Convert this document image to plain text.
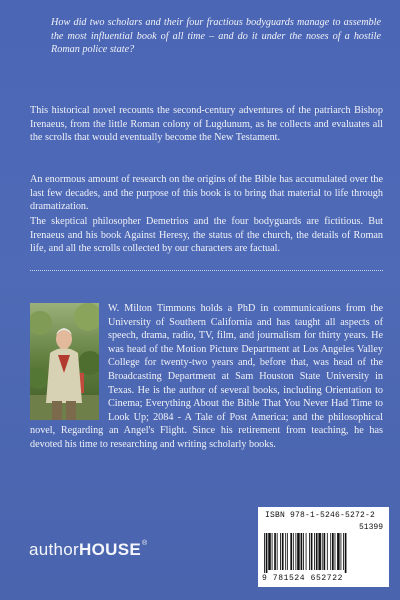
How did two scholars and their four fractious bodyguards manage to assemble the most influential book of all time – and do it under the noses of a hostile Roman police state?

This historical novel recounts the second-century adventures of the patriarch Bishop Irenaeus, from the little Roman colony of Lugdunum, as he collects and evaluates all the scrolls that would eventually become the New Testament.

An enormous amount of research on the origins of the Bible has accumulated over the last few decades, and the purpose of this book is to bring that material to life through dramatization.

The skeptical philosopher Demetrios and the four bodyguards are fictitious. But Irenaeus and his book Against Heresy, the status of the church, the details of Roman life, and all the scrolls collected by our characters are factual.

W. Milton Timmons holds a PhD in communications from the University of Southern California and has taught all aspects of speech, drama, radio, TV, film, and journalism for thirty years. He was head of the Motion Picture Department at Los Angeles Valley College for twenty-two years and, before that, was head of the Broadcasting Department at Sam Houston State University in Texas. He is the author of several books, including Orientation to Cinema; Everything About the Bible That You Never Had Time to Look Up; 2084 - A Tale of Post America; and the philosophical novel, Regarding an Angel's Flight. Since his retirement from teaching, he has devoted his time to researching and writing scholarly books.

authorHOUSE®
ISBN 978-1-5246-5272-2
51399
9 781524 652722
